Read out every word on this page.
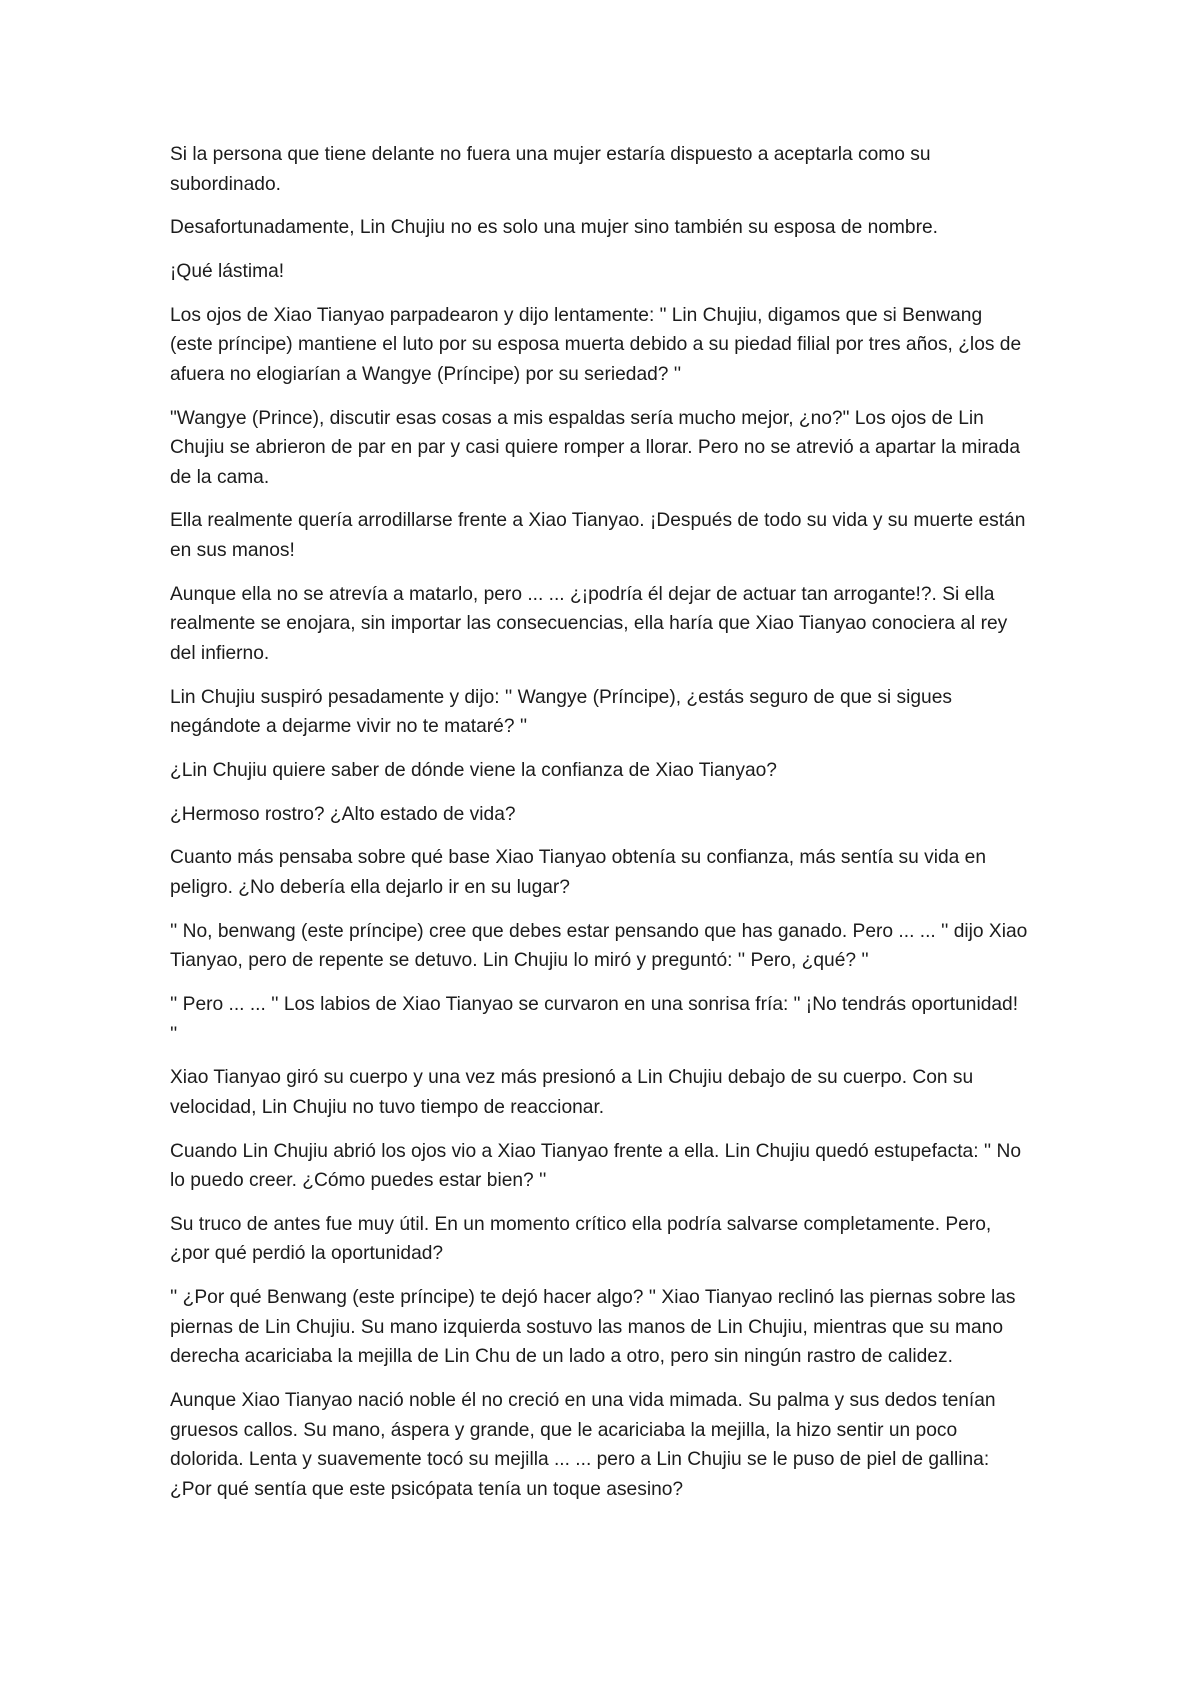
Si la persona que tiene delante no fuera una mujer estaría dispuesto a aceptarla como su subordinado.

Desafortunadamente, Lin Chujiu no es solo una mujer sino también su esposa de nombre.

¡Qué lástima!

Los ojos de Xiao Tianyao parpadearon y dijo lentamente: " Lin Chujiu, digamos que si Benwang (este príncipe) mantiene el luto por su esposa muerta debido a su piedad filial por tres años, ¿los de afuera no elogiarían a Wangye (Príncipe) por su seriedad? ''

"Wangye (Prince), discutir esas cosas a mis espaldas sería mucho mejor, ¿no?" Los ojos de Lin Chujiu se abrieron de par en par y casi quiere romper a llorar. Pero no se atrevió a apartar la mirada de la cama.

Ella realmente quería arrodillarse frente a Xiao Tianyao. ¡Después de todo su vida y su muerte están en sus manos!

Aunque ella no se atrevía a matarlo, pero ... ... ¿¡podría él dejar de actuar tan arrogante!?. Si ella realmente se enojara, sin importar las consecuencias, ella haría que Xiao Tianyao conociera al rey del infierno.

Lin Chujiu suspiró pesadamente y dijo: '' Wangye (Príncipe), ¿estás seguro de que si sigues negándote a dejarme vivir no te mataré? ''

¿Lin Chujiu quiere saber de dónde viene la confianza de Xiao Tianyao?

¿Hermoso rostro? ¿Alto estado de vida?

Cuanto más pensaba sobre qué base Xiao Tianyao obtenía su confianza, más sentía su vida en peligro. ¿No debería ella dejarlo ir en su lugar?

'' No, benwang (este príncipe) cree que debes estar pensando que has ganado. Pero ... ... '' dijo Xiao Tianyao, pero de repente se detuvo. Lin Chujiu lo miró y preguntó: '' Pero, ¿qué? ''

'' Pero ... ... '' Los labios de Xiao Tianyao se curvaron en una sonrisa fría: " ¡No tendrás oportunidad! ''

Xiao Tianyao giró su cuerpo y una vez más presionó a Lin Chujiu debajo de su cuerpo. Con su velocidad, Lin Chujiu no tuvo tiempo de reaccionar.

Cuando Lin Chujiu abrió los ojos vio a Xiao Tianyao frente a ella. Lin Chujiu quedó estupefacta: '' No lo puedo creer. ¿Cómo puedes estar bien? ''

Su truco de antes fue muy útil. En un momento crítico ella podría salvarse completamente. Pero, ¿por qué perdió la oportunidad?

'' ¿Por qué Benwang (este príncipe) te dejó hacer algo? '' Xiao Tianyao reclinó las piernas sobre las piernas de Lin Chujiu. Su mano izquierda sostuvo las manos de Lin Chujiu, mientras que su mano derecha acariciaba la mejilla de Lin Chu de un lado a otro, pero sin ningún rastro de calidez.

Aunque Xiao Tianyao nació noble él no creció en una vida mimada. Su palma y sus dedos tenían gruesos callos. Su mano, áspera y grande, que le acariciaba la mejilla, la hizo sentir un poco dolorida. Lenta y suavemente tocó su mejilla ... ... pero a Lin Chujiu se le puso de piel de gallina: ¿Por qué sentía que este psicópata tenía un toque asesino?
